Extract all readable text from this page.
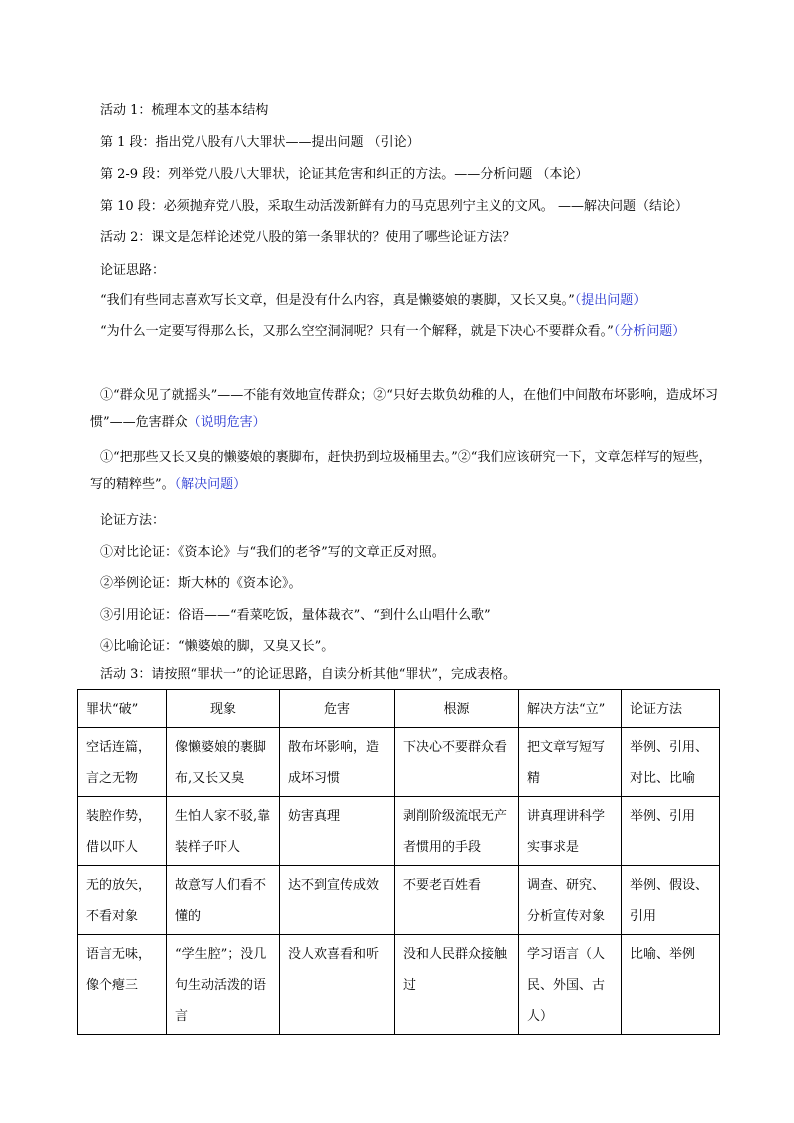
活动 1：梳理本文的基本结构
第 1 段：指出党八股有八大罪状——提出问题 （引论）
第 2-9 段：列举党八股八大罪状，论证其危害和纠正的方法。——分析问题 （本论）
第 10 段：必须抛弃党八股，采取生动活泼新鲜有力的马克思列宁主义的文风。 ——解决问题（结论）
活动 2：课文是怎样论述党八股的第一条罪状的？使用了哪些论证方法？
论证思路：
“我们有些同志喜欢写长文章，但是没有什么内容，真是懒婆娘的裹脚，又长又臭。”（提出问题）
“为什么一定要写得那么长，又那么空空洞洞呢？只有一个解释，就是下决心不要群众看。”（分析问题）
①“群众见了就摇头”——不能有效地宣传群众；②“只好去欺负幼稚的人，在他们中间散布坏影响，造成坏习惯”——危害群众（说明危害）
①“把那些又长又臭的懒婆娘的裹脚布，赶快扔到垃圾桶里去。”②“我们应该研究一下，文章怎样写的短些，写的精粹些”。（解决问题）
论证方法：
①对比论证：《资本论》与“我们的老爷”写的文章正反对照。
②举例论证：斯大林的《资本论》。
③引用论证：俗语——“看菜吃饭，量体裁衣”、“到什么山唱什么歌”
④比喻论证：“懒婆娘的脚，又臭又长”。
活动 3：请按照“罪状一”的论证思路，自读分析其他“罪状”，完成表格。
罪状“破”	现象	危害	根源	解决方法“立”	论证方法
空话连篇，言之无物	像懒婆娘的裹脚布,又长又臭	散布坏影响，造成坏习惯	下决心不要群众看	把文章写短写精	举例、引用、对比、比喻
装腔作势，借以吓人	生怕人家不驳,靠装样子吓人	妨害真理	剥削阶级流氓无产者惯用的手段	讲真理讲科学 实事求是	举例、引用
无的放矢，不看对象	故意写人们看不懂的	达不到宣传成效	不要老百姓看	调查、研究、分析宣传对象	举例、假设、引用
语言无味，像个瘪三	“学生腔”；没几句生动活泼的语言	没人欢喜看和听	没和人民群众接触过	学习语言（人民、外国、古人）	比喻、举例
